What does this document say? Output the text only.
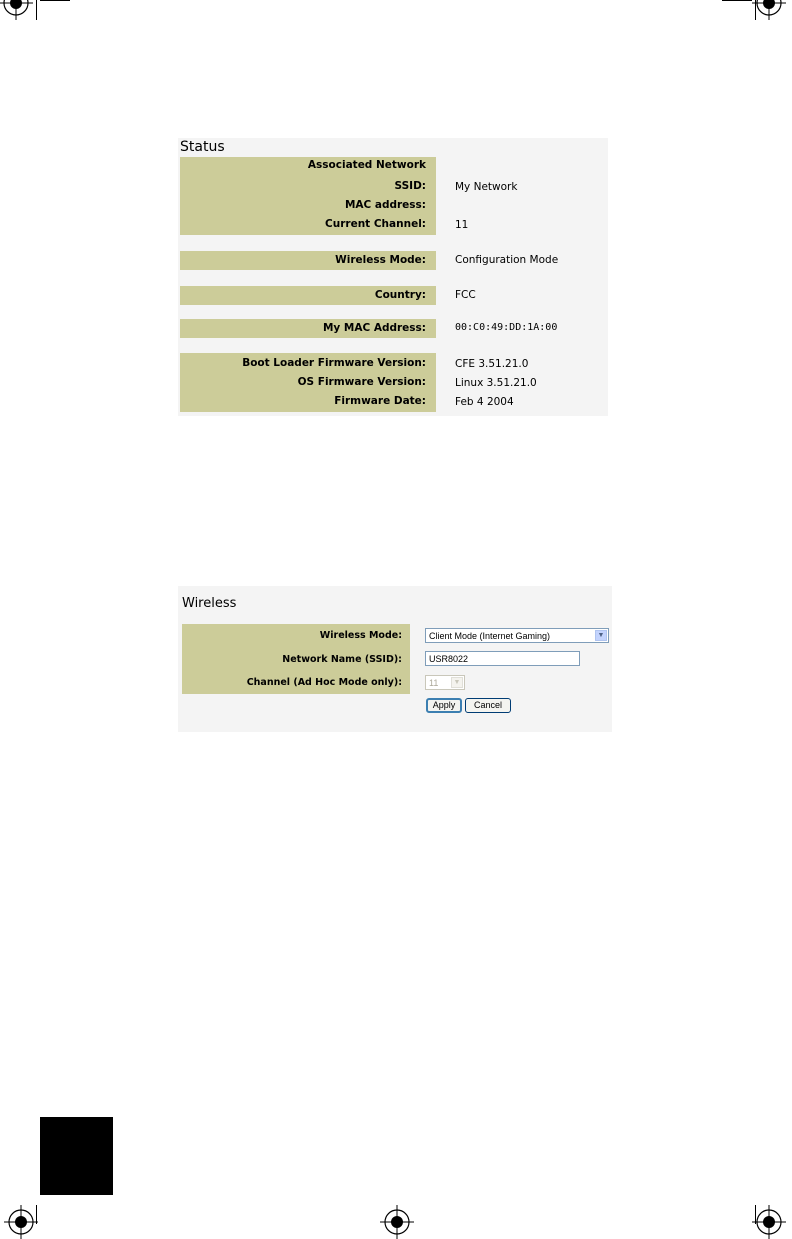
Status
Associated Network
SSID:	My Network
MAC address:
Current Channel:	11
Wireless Mode:	Configuration Mode
Country:	FCC
My MAC Address:	00:C0:49:DD:1A:00
Boot Loader Firmware Version:	CFE 3.51.21.0
OS Firmware Version:	Linux 3.51.21.0
Firmware Date:	Feb 4 2004
Wireless
Wireless Mode:	Client Mode (Internet Gaming)	▼
Network Name (SSID):	USR8022
Channel (Ad Hoc Mode only):	11	▼
Apply	Cancel
